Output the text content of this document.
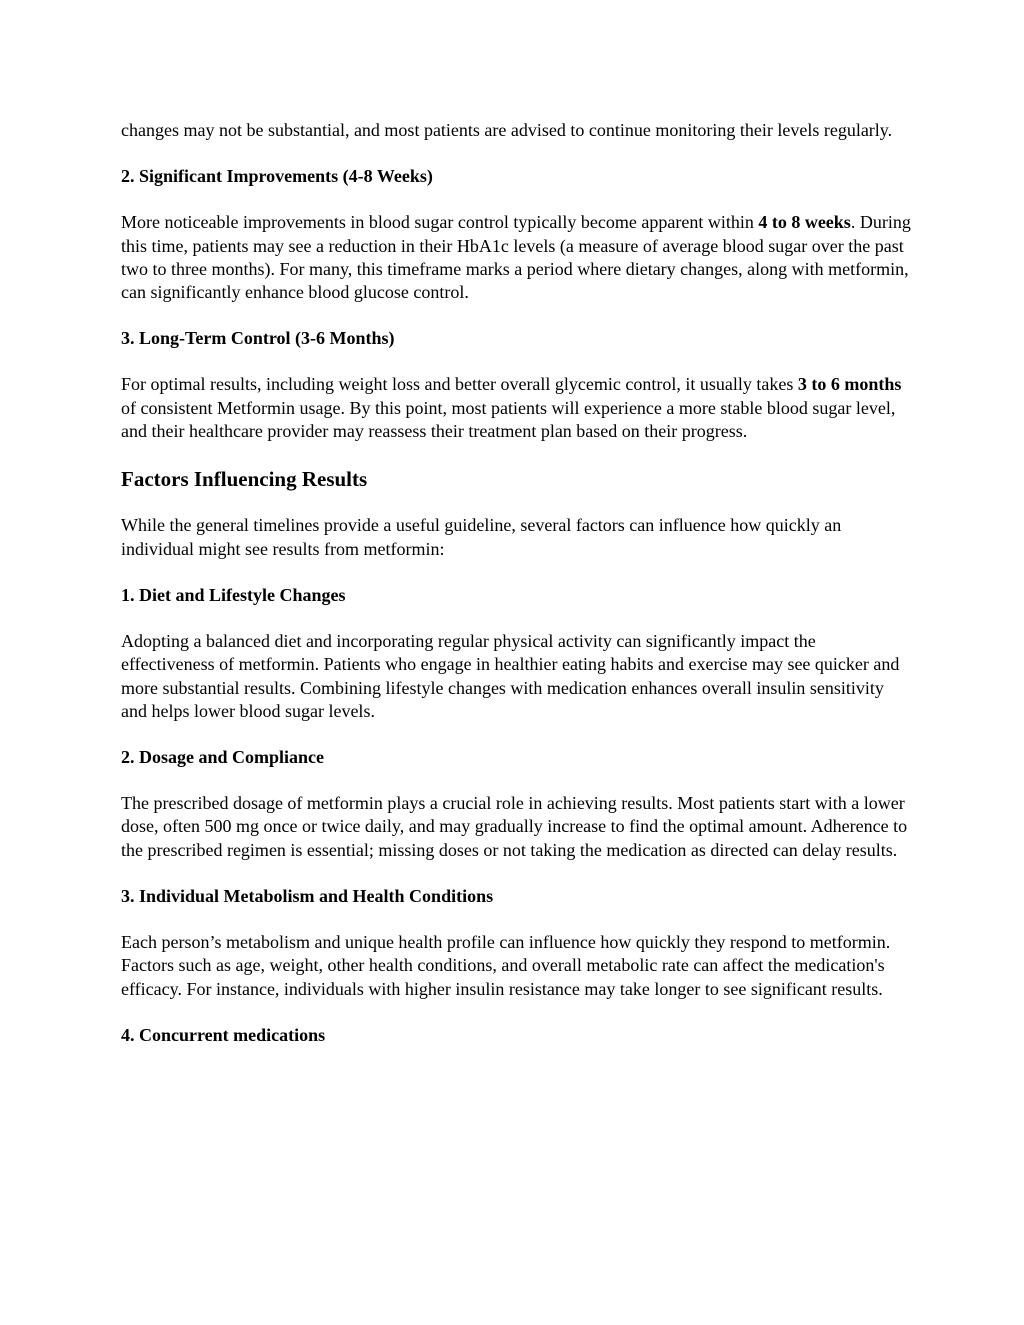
changes may not be substantial, and most patients are advised to continue monitoring their levels regularly.

2. Significant Improvements (4-8 Weeks)

More noticeable improvements in blood sugar control typically become apparent within 4 to 8 weeks. During this time, patients may see a reduction in their HbA1c levels (a measure of average blood sugar over the past two to three months). For many, this timeframe marks a period where dietary changes, along with metformin, can significantly enhance blood glucose control.

3. Long-Term Control (3-6 Months)

For optimal results, including weight loss and better overall glycemic control, it usually takes 3 to 6 months of consistent Metformin usage. By this point, most patients will experience a more stable blood sugar level, and their healthcare provider may reassess their treatment plan based on their progress.

Factors Influencing Results

While the general timelines provide a useful guideline, several factors can influence how quickly an individual might see results from metformin:

1. Diet and Lifestyle Changes

Adopting a balanced diet and incorporating regular physical activity can significantly impact the effectiveness of metformin. Patients who engage in healthier eating habits and exercise may see quicker and more substantial results. Combining lifestyle changes with medication enhances overall insulin sensitivity and helps lower blood sugar levels.

2. Dosage and Compliance

The prescribed dosage of metformin plays a crucial role in achieving results. Most patients start with a lower dose, often 500 mg once or twice daily, and may gradually increase to find the optimal amount. Adherence to the prescribed regimen is essential; missing doses or not taking the medication as directed can delay results.

3. Individual Metabolism and Health Conditions

Each person’s metabolism and unique health profile can influence how quickly they respond to metformin. Factors such as age, weight, other health conditions, and overall metabolic rate can affect the medication's efficacy. For instance, individuals with higher insulin resistance may take longer to see significant results.

4. Concurrent medications
